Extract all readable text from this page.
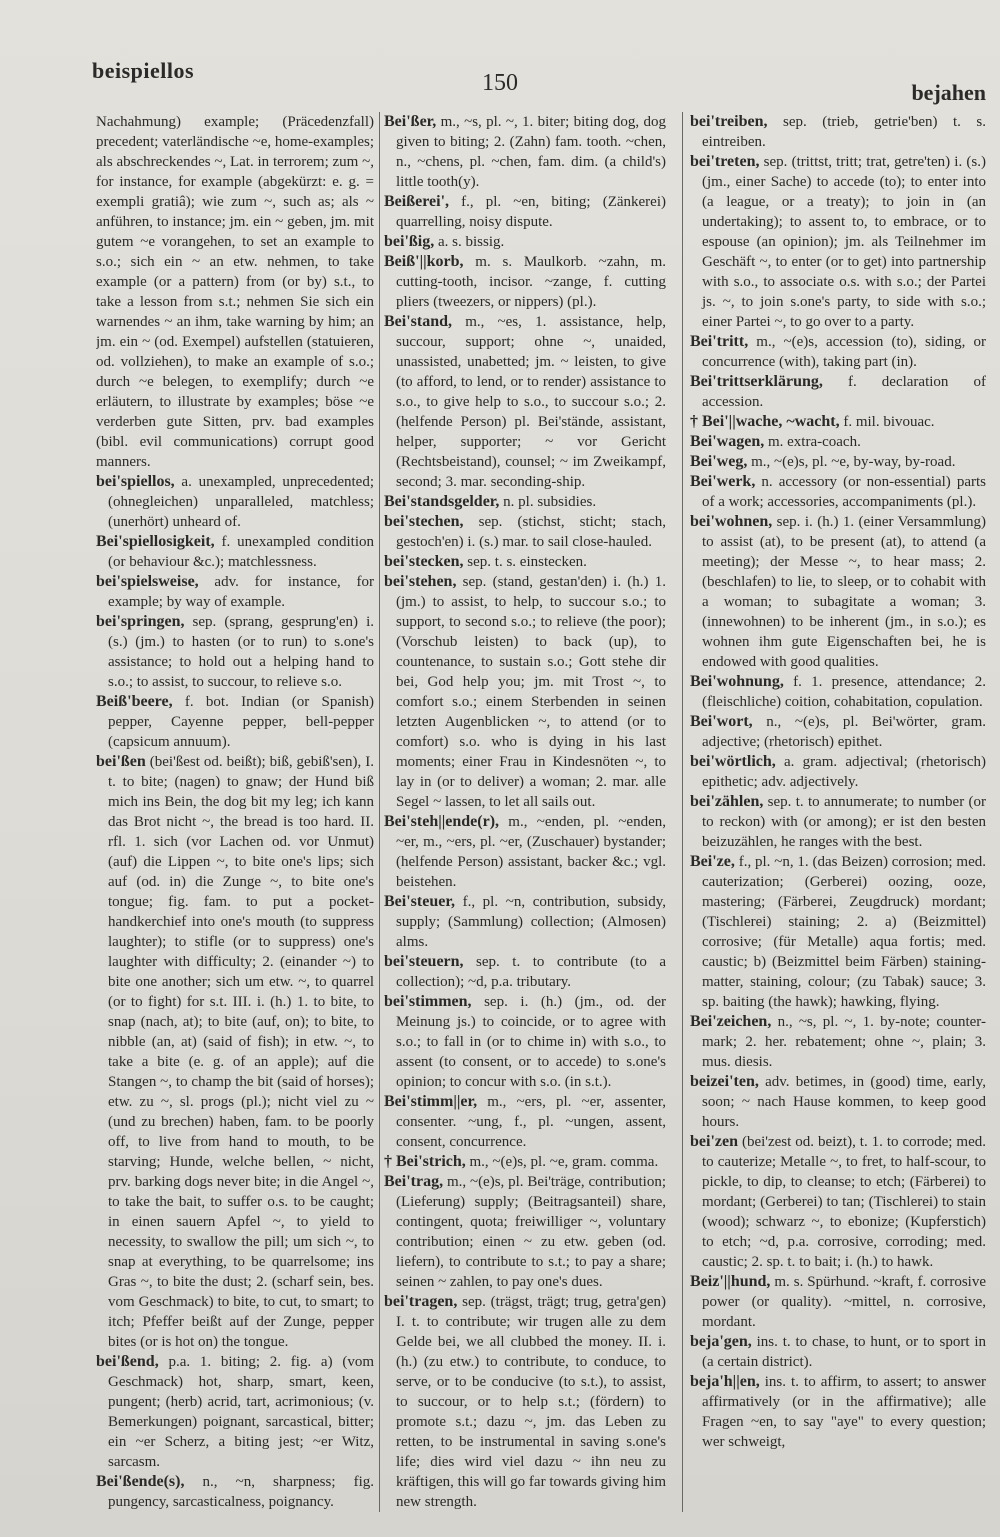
beispiellos	150	bejahen

Nachahmung) example; (Präcedenzfall) precedent; vaterländische ~e, home-examples; als abschreckendes ~, Lat. in terrorem; zum ~, for instance, for example (abgekürzt: e. g. = exempli gratiâ); wie zum ~, such as; als ~ anführen, to instance; jm. ein ~ geben, jm. mit gutem ~e vorangehen, to set an example to s.o.; sich ein ~ an etw. nehmen, to take example (or a pattern) from (or by) s.t., to take a lesson from s.t.; nehmen Sie sich ein warnendes ~ an ihm, take warning by him; an jm. ein ~ (od. Exempel) aufstellen (statuieren, od. vollziehen), to make an example of s.o.; durch ~e belegen, to exemplify; durch ~e erläutern, to illustrate by examples; böse ~e verderben gute Sitten, prv. bad examples (bibl. evil communications) corrupt good manners.

bei'spiellos, a. unexampled, unprecedented; (ohnegleichen) unparalleled, matchless; (unerhört) unheard of.

Bei'spiellosigkeit, f. unexampled condition (or behaviour &c.); matchlessness.

bei'spielsweise, adv. for instance, for example; by way of example.

bei'springen, sep. (sprang, gesprung'en) i. (s.) (jm.) to hasten (or to run) to s.one's assistance; to hold out a helping hand to s.o.; to assist, to succour, to relieve s.o.

Beiß'beere, f. bot. Indian (or Spanish) pepper, Cayenne pepper, bell-pepper (capsicum annuum).

bei'ßen (bei'ßest od. beißt); biß, gebiß'sen), I. t. to bite; (nagen) to gnaw; der Hund biß mich ins Bein, the dog bit my leg; ich kann das Brot nicht ~, the bread is too hard. II. rfl. 1. sich (vor Lachen od. vor Unmut) (auf) die Lippen ~, to bite one's lips; sich auf (od. in) die Zunge ~, to bite one's tongue; fig. fam. to put a pocket-handkerchief into one's mouth (to suppress laughter); to stifle (or to suppress) one's laughter with difficulty; 2. (einander ~) to bite one another; sich um etw. ~, to quarrel (or to fight) for s.t. III. i. (h.) 1. to bite, to snap (nach, at); to bite (auf, on); to bite, to nibble (an, at) (said of fish); in etw. ~, to take a bite (e. g. of an apple); auf die Stangen ~, to champ the bit (said of horses); etw. zu ~, sl. progs (pl.); nicht viel zu ~ (und zu brechen) haben, fam. to be poorly off, to live from hand to mouth, to be starving; Hunde, welche bellen, ~ nicht, prv. barking dogs never bite; in die Angel ~, to take the bait, to suffer o.s. to be caught; in einen sauern Apfel ~, to yield to necessity, to swallow the pill; um sich ~, to snap at everything, to be quarrelsome; ins Gras ~, to bite the dust; 2. (scharf sein, bes. vom Geschmack) to bite, to cut, to smart; to itch; Pfeffer beißt auf der Zunge, pepper bites (or is hot on) the tongue.

bei'ßend, p.a. 1. biting; 2. fig. a) (vom Geschmack) hot, sharp, smart, keen, pungent; (herb) acrid, tart, acrimonious; (v. Bemerkungen) poignant, sarcastical, bitter; ein ~er Scherz, a biting jest; ~er Witz, sarcasm.

Bei'ßende(s), n., ~n, sharpness; fig. pungency, sarcasticalness, poignancy.

Bei'ßer, m., ~s, pl. ~, 1. biter; biting dog, dog given to biting; 2. (Zahn) fam. tooth. ~chen, n., ~chens, pl. ~chen, fam. dim. (a child's) little tooth(y).

Beißerei', f., pl. ~en, biting; (Zänkerei) quarrelling, noisy dispute.

bei'ßig, a. s. bissig.

Beiß'||korb, m. s. Maulkorb. ~zahn, m. cutting-tooth, incisor. ~zange, f. cutting pliers (tweezers, or nippers) (pl.).

Bei'stand, m., ~es, 1. assistance, help, succour, support; ohne ~, unaided, unassisted, unabetted; jm. ~ leisten, to give (to afford, to lend, or to render) assistance to s.o., to give help to s.o., to succour s.o.; 2. (helfende Person) pl. Bei'stände, assistant, helper, supporter; ~ vor Gericht (Rechtsbeistand), counsel; ~ im Zweikampf, second; 3. mar. seconding-ship.

Bei'standsgelder, n. pl. subsidies.

bei'stechen, sep. (stichst, sticht; stach, gestoch'en) i. (s.) mar. to sail close-hauled.

bei'stecken, sep. t. s. einstecken.

bei'stehen, sep. (stand, gestan'den) i. (h.) 1. (jm.) to assist, to help, to succour s.o.; to support, to second s.o.; to relieve (the poor); (Vorschub leisten) to back (up), to countenance, to sustain s.o.; Gott stehe dir bei, God help you; jm. mit Trost ~, to comfort s.o.; einem Sterbenden in seinen letzten Augenblicken ~, to attend (or to comfort) s.o. who is dying in his last moments; einer Frau in Kindesnöten ~, to lay in (or to deliver) a woman; 2. mar. alle Segel ~ lassen, to let all sails out.

Bei'steh||ende(r), m., ~enden, pl. ~enden, ~er, m., ~ers, pl. ~er, (Zuschauer) bystander; (helfende Person) assistant, backer &c.; vgl. beistehen.

Bei'steuer, f., pl. ~n, contribution, subsidy, supply; (Sammlung) collection; (Almosen) alms.

bei'steuern, sep. t. to contribute (to a collection); ~d, p.a. tributary.

bei'stimmen, sep. i. (h.) (jm., od. der Meinung js.) to coincide, or to agree with s.o.; to fall in (or to chime in) with s.o., to assent (to consent, or to accede) to s.one's opinion; to concur with s.o. (in s.t.).

Bei'stimm||er, m., ~ers, pl. ~er, assenter, consenter. ~ung, f., pl. ~ungen, assent, consent, concurrence.

† Bei'strich, m., ~(e)s, pl. ~e, gram. comma.

Bei'trag, m., ~(e)s, pl. Bei'träge, contribution; (Lieferung) supply; (Beitragsanteil) share, contingent, quota; freiwilliger ~, voluntary contribution; einen ~ zu etw. geben (od. liefern), to contribute to s.t.; to pay a share; seinen ~ zahlen, to pay one's dues.

bei'tragen, sep. (trägst, trägt; trug, getra'gen) I. t. to contribute; wir trugen alle zu dem Gelde bei, we all clubbed the money. II. i. (h.) (zu etw.) to contribute, to conduce, to serve, or to be conducive (to s.t.), to assist, to succour, or to help s.t.; (fördern) to promote s.t.; dazu ~, jm. das Leben zu retten, to be instrumental in saving s.one's life; dies wird viel dazu ~ ihn neu zu kräftigen, this will go far towards giving him new strength.

bei'treiben, sep. (trieb, getrie'ben) t. s. eintreiben.

bei'treten, sep. (trittst, tritt; trat, getre'ten) i. (s.) (jm., einer Sache) to accede (to); to enter into (a league, or a treaty); to join in (an undertaking); to assent to, to embrace, or to espouse (an opinion); jm. als Teilnehmer im Geschäft ~, to enter (or to get) into partnership with s.o., to associate o.s. with s.o.; der Partei js. ~, to join s.one's party, to side with s.o.; einer Partei ~, to go over to a party.

Bei'tritt, m., ~(e)s, accession (to), siding, or concurrence (with), taking part (in).

Bei'trittserklärung, f. declaration of accession.

† Bei'||wache, ~wacht, f. mil. bivouac.

Bei'wagen, m. extra-coach.

Bei'weg, m., ~(e)s, pl. ~e, by-way, by-road.

Bei'werk, n. accessory (or non-essential) parts of a work; accessories, accompaniments (pl.).

bei'wohnen, sep. i. (h.) 1. (einer Versammlung) to assist (at), to be present (at), to attend (a meeting); der Messe ~, to hear mass; 2. (beschlafen) to lie, to sleep, or to cohabit with a woman; to subagitate a woman; 3. (innewohnen) to be inherent (jm., in s.o.); es wohnen ihm gute Eigenschaften bei, he is endowed with good qualities.

Bei'wohnung, f. 1. presence, attendance; 2. (fleischliche) coition, cohabitation, copulation.

Bei'wort, n., ~(e)s, pl. Bei'wörter, gram. adjective; (rhetorisch) epithet.

bei'wörtlich, a. gram. adjectival; (rhetorisch) epithetic; adv. adjectively.

bei'zählen, sep. t. to annumerate; to number (or to reckon) with (or among); er ist den besten beizuzählen, he ranges with the best.

Bei'ze, f., pl. ~n, 1. (das Beizen) corrosion; med. cauterization; (Gerberei) oozing, ooze, mastering; (Färberei, Zeugdruck) mordant; (Tischlerei) staining; 2. a) (Beizmittel) corrosive; (für Metalle) aqua fortis; med. caustic; b) (Beizmittel beim Färben) staining-matter, staining, colour; (zu Tabak) sauce; 3. sp. baiting (the hawk); hawking, flying.

Bei'zeichen, n., ~s, pl. ~, 1. by-note; counter-mark; 2. her. rebatement; ohne ~, plain; 3. mus. diesis.

beizei'ten, adv. betimes, in (good) time, early, soon; ~ nach Hause kommen, to keep good hours.

bei'zen (bei'zest od. beizt), t. 1. to corrode; med. to cauterize; Metalle ~, to fret, to half-scour, to pickle, to dip, to cleanse; to etch; (Färberei) to mordant; (Gerberei) to tan; (Tischlerei) to stain (wood); schwarz ~, to ebonize; (Kupferstich) to etch; ~d, p.a. corrosive, corroding; med. caustic; 2. sp. t. to bait; i. (h.) to hawk.

Beiz'||hund, m. s. Spürhund. ~kraft, f. corrosive power (or quality). ~mittel, n. corrosive, mordant.

beja'gen, ins. t. to chase, to hunt, or to sport in (a certain district).

beja'h||en, ins. t. to affirm, to assert; to answer affirmatively (or in the affirmative); alle Fragen ~en, to say "aye" to every question; wer schweigt,
